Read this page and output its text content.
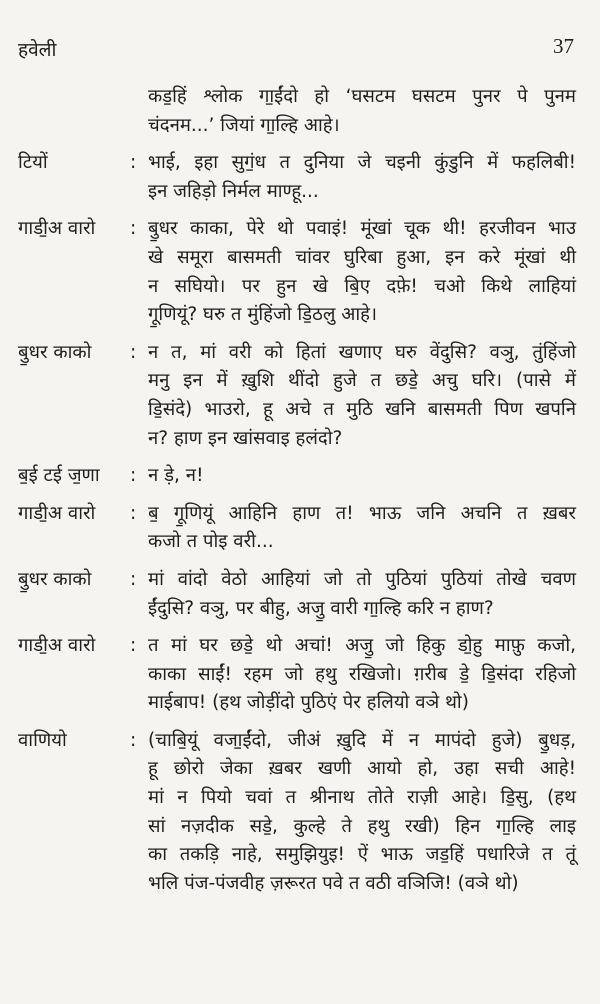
हवेली	37
कड॒हिं श्लोक गा॒ईंदो हो ‘घसटम घसटम पुनर पे पुनम
चंदनम...’ जियां गा॒ल्हि आहे।
टियों	: भाई, इहा सुगं॒ध त दुनिया जे चइनी कुंडुनि में फहलिबी!
इन जहिड़ो निर्मल माण्हू...
गाडी॒अ वारो	: बु॒धर काका, पेरे थो पवाइं! मूंखां चूक थी! हरजीवन भाउ
खे समूरा बासमती चांवर घुरिबा हुआ, इन करे मूंखां थी
न सघियो। पर हुन खे बि॒ए दफ़े! चओ किथे लाहियां
गू॒णियूं? घरु त मुंहिंजो डि॒ठलु आहे।
बु॒धर काको	: न त, मां वरी को हितां खणाए घरु वेंदुसि? वञु, तुंहिंजो
मनु इन में ख़ुशि थींदो हुजे त छडे॒ अचु घरि। (पासे में
डि॒संदे) भाउरो, हू अचे त मुठि खनि बासमती पिण खपनि
न? हाण इन खांसवाइ हलंदो?
ब॒ई टई ज॒णा	: न ड़े, न!
गाडी॒अ वारो	: ब॒ गू॒णियूं आहिनि हाण त! भाऊ जनि अचनि त ख़बर
कजो त पोइ वरी...
बु॒धर काको	: मां वांदो वेठो आहियां जो तो पुठियां पुठियां तोखे चवण
ईंदुसि? वञु, पर बीहु, अजु॒ वारी गा॒ल्हि करि न हाण?
गाडी॒अ वारो	: त मां घर छडे॒ थो अचां! अजु॒ जो हिकु डो॒हु माफ़ु कजो,
काका साईं! रहम जो हथु रखिजो। ग़रीब डे॒ डि॒संदा रहिजो
माईबाप! (हथ जोड़ींदो पुठिएं पेर हलियो वञे थो)
वाणियो	: (चाबि॒यूं वजा॒ईंदो, जीअं ख़ुदि में न मापंदो हुजे) बु॒धड़,
हू छोरो जेका ख़बर खणी आयो हो, उहा सची आहे!
मां न पियो चवां त श्रीनाथ तोते राज़ी आहे। डि॒सु, (हथ
सां नज़दीक सडे॒, कुल्हे ते हथु रखी) हिन गा॒ल्हि लाइ
का तकड़ि नाहे, समुझियुइ! ऐं भाऊ जड॒हिं पधारिजे त तूं
भलि पंज-पंजवीह ज़रूरत पवे त वठी वञिजि! (वञे थो)
